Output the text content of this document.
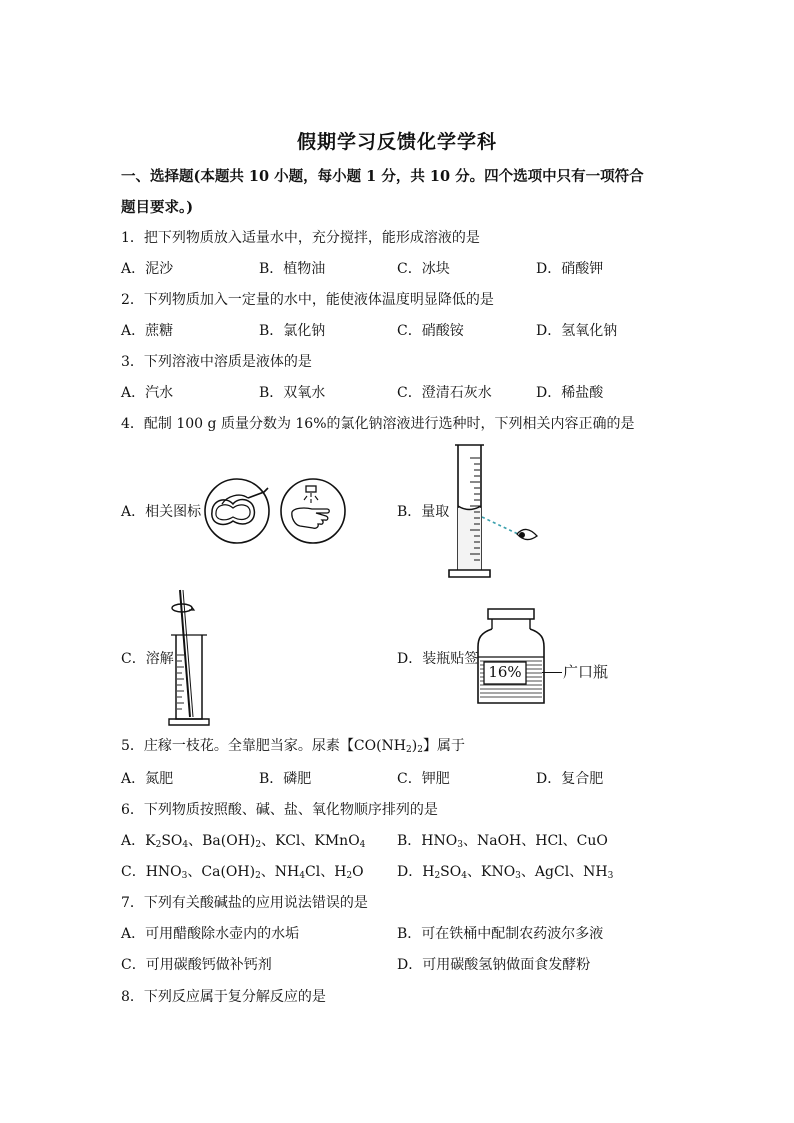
假期学习反馈化学学科
一、选择题(本题共 10 小题，每小题 1 分，共 10 分。四个选项中只有一项符合
题目要求。)
1．把下列物质放入适量水中，充分搅拌，能形成溶液的是
A．泥沙	B．植物油	C．冰块	D．硝酸钾
2．下列物质加入一定量的水中，能使液体温度明显降低的是
A．蔗糖	B．氯化钠	C．硝酸铵	D．氢氧化钠
3．下列溶液中溶质是液体的是
A．汽水	B．双氧水	C．澄清石灰水	D．稀盐酸
4．配制 100 g 质量分数为 16%的氯化钠溶液进行选种时，下列相关内容正确的是
A．相关图标	B．量取
C．溶解	D．装瓶贴签
16%	广口瓶
5．庄稼一枝花。全靠肥当家。尿素【$CO(NH_2)_2$】属于
A．氮肥	B．磷肥	C．钾肥	D．复合肥
6．下列物质按照酸、碱、盐、氧化物顺序排列的是
A．$K_2SO_4$、$Ba(OH)_2$、KCl、KMnO$_4$ B．$HNO_3$、NaOH、HCl、CuO
C．$HNO_3$、$Ca(OH)_2$、$NH_4Cl$、$H_2O$ D．$H_2SO_4$、$KNO_3$、AgCl、$NH_3$
7．下列有关酸碱盐的应用说法错误的是
A．可用醋酸除水壶内的水垢	B．可在铁桶中配制农药波尔多液
C．可用碳酸钙做补钙剂	D．可用碳酸氢钠做面食发酵粉
8．下列反应属于复分解反应的是
